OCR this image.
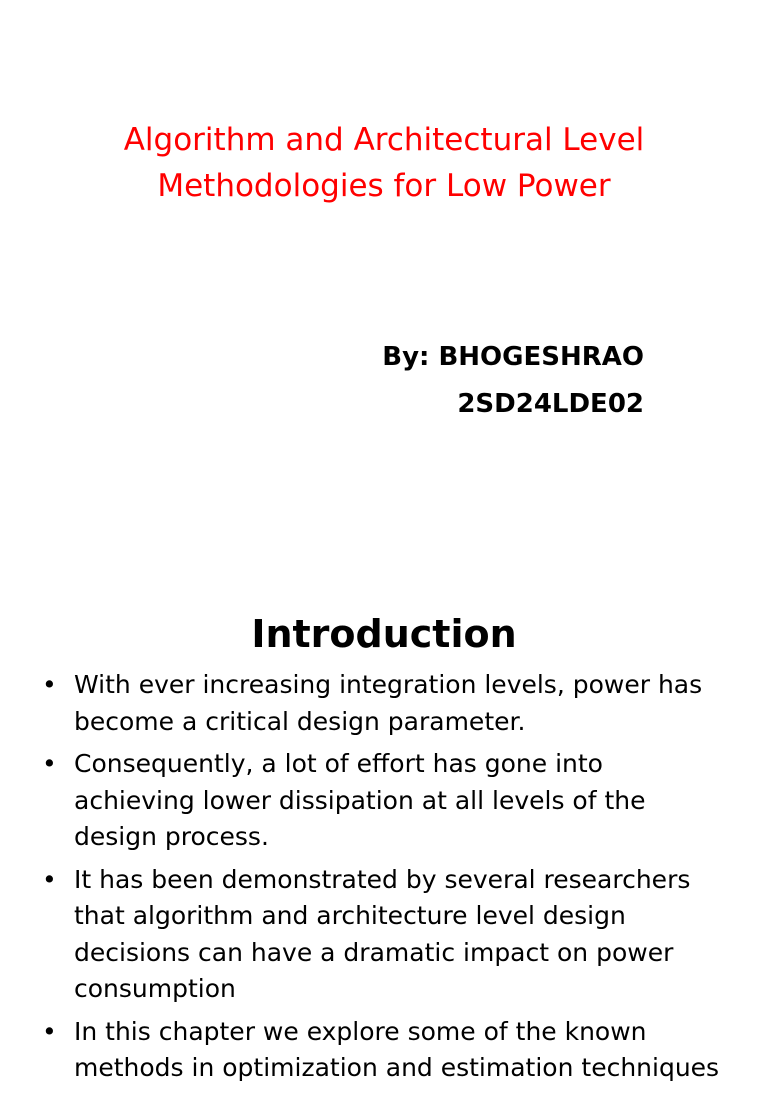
Algorithm and Architectural Level
Methodologies for Low Power
By: BHOGESHRAO
2SD24LDE02
Introduction
• With ever increasing integration levels, power has become a critical design parameter.
• Consequently, a lot of effort has gone into achieving lower dissipation at all levels of the design process.
• It has been demonstrated by several researchers that algorithm and architecture level design decisions can have a dramatic impact on power consumption
• In this chapter we explore some of the known methods in optimization and estimation techniques
